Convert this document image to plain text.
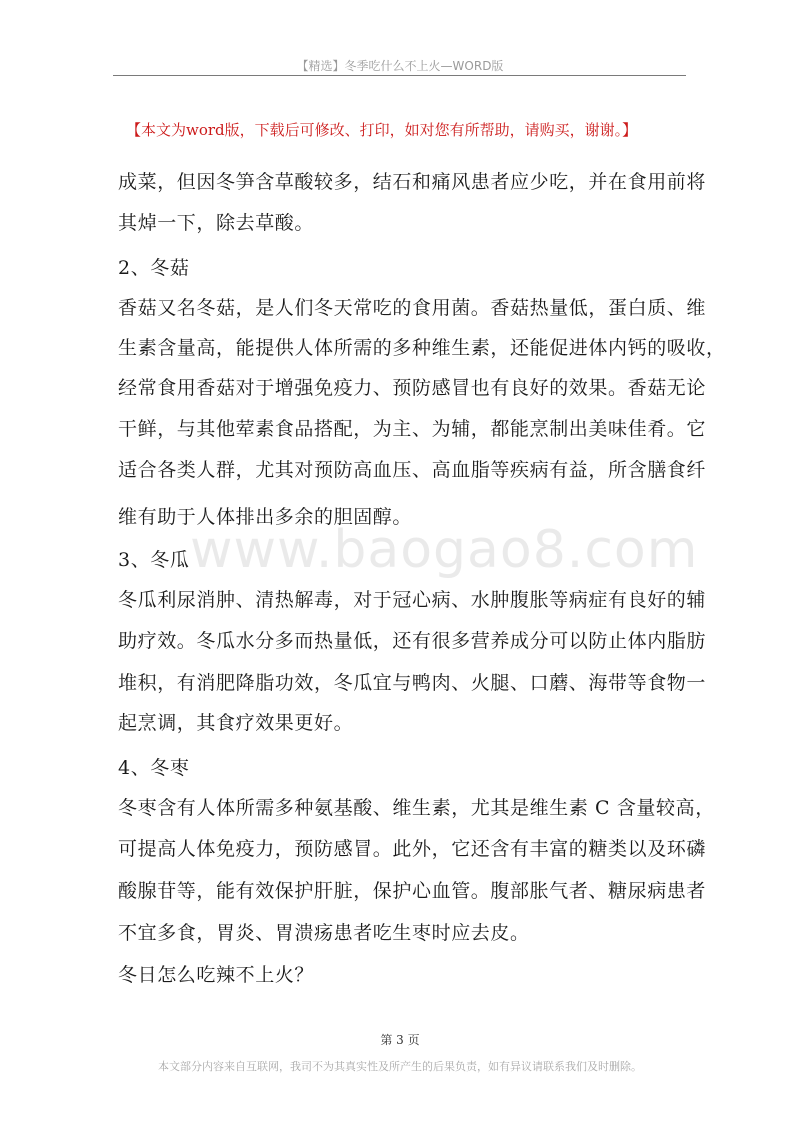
【精选】冬季吃什么不上火—WORD版
【本文为word版，下载后可修改、打印，如对您有所帮助，请购买，谢谢。】
www.baogao8.com
成菜，但因冬笋含草酸较多，结石和痛风患者应少吃，并在食用前将
其焯一下，除去草酸。
2、冬菇
香菇又名冬菇，是人们冬天常吃的食用菌。香菇热量低，蛋白质、维
生素含量高，能提供人体所需的多种维生素，还能促进体内钙的吸收，
经常食用香菇对于增强免疫力、预防感冒也有良好的效果。香菇无论
干鲜，与其他荤素食品搭配，为主、为辅，都能烹制出美味佳肴。它
适合各类人群，尤其对预防高血压、高血脂等疾病有益，所含膳食纤
维有助于人体排出多余的胆固醇。
3、冬瓜
冬瓜利尿消肿、清热解毒，对于冠心病、水肿腹胀等病症有良好的辅
助疗效。冬瓜水分多而热量低，还有很多营养成分可以防止体内脂肪
堆积，有消肥降脂功效，冬瓜宜与鸭肉、火腿、口蘑、海带等食物一
起烹调，其食疗效果更好。
4、冬枣
冬枣含有人体所需多种氨基酸、维生素，尤其是维生素 C 含量较高，
可提高人体免疫力，预防感冒。此外，它还含有丰富的糖类以及环磷
酸腺苷等，能有效保护肝脏，保护心血管。腹部胀气者、糖尿病患者
不宜多食，胃炎、胃溃疡患者吃生枣时应去皮。
冬日怎么吃辣不上火？
第 3 页
本文部分内容来自互联网，我司不为其真实性及所产生的后果负责，如有异议请联系我们及时删除。
